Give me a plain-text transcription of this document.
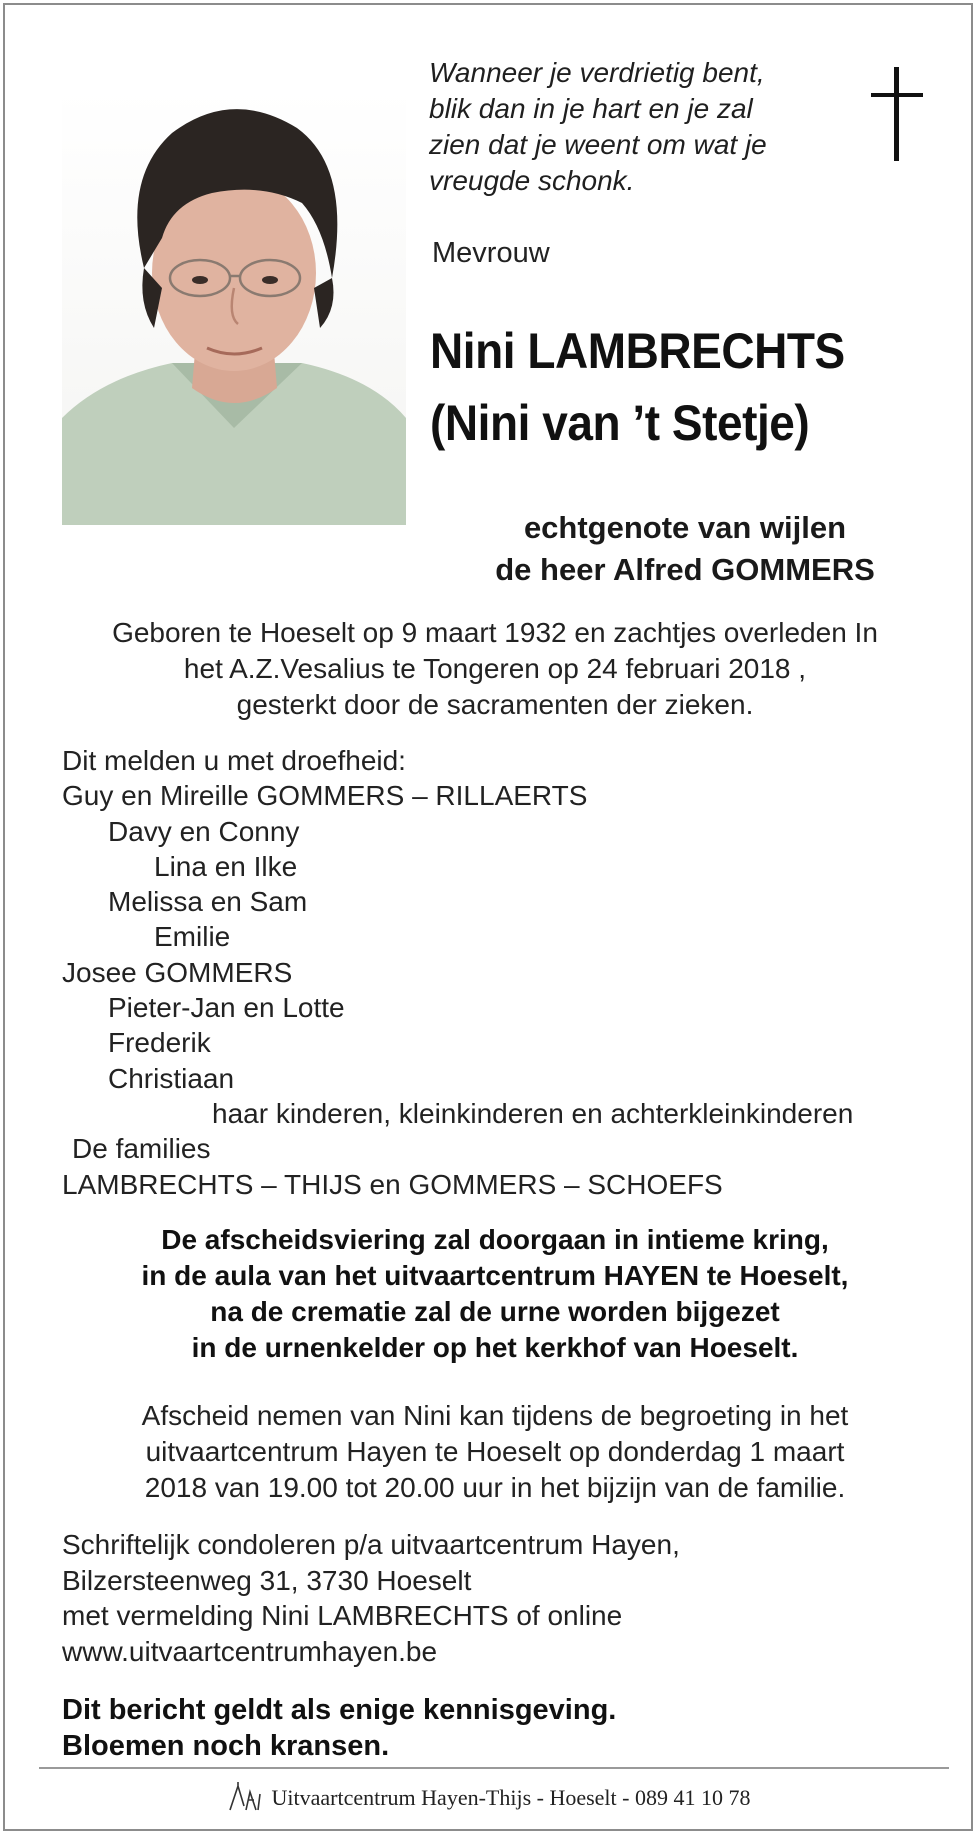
Wanneer je verdrietig bent,
blik dan in je hart en je zal
zien dat je weent om wat je
vreugde schonk.
Mevrouw
Nini LAMBRECHTS
(Nini van ’t Stetje)
echtgenote van wijlen
de heer Alfred GOMMERS
Geboren te Hoeselt op 9 maart 1932 en zachtjes overleden In
het A.Z.Vesalius te Tongeren op 24 februari 2018 ,
gesterkt door de sacramenten der zieken.
Dit melden u met droefheid:
Guy en Mireille GOMMERS – RILLAERTS
Davy en Conny
Lina en Ilke
Melissa en Sam
Emilie
Josee GOMMERS
Pieter-Jan en Lotte
Frederik
Christiaan
haar kinderen, kleinkinderen en achterkleinkinderen
De families
LAMBRECHTS – THIJS en GOMMERS – SCHOEFS
De afscheidsviering zal doorgaan in intieme kring,
in de aula van het uitvaartcentrum HAYEN te Hoeselt,
na de crematie zal de urne worden bijgezet
in de urnenkelder op het kerkhof van Hoeselt.
Afscheid nemen van Nini kan tijdens de begroeting in het
uitvaartcentrum Hayen te Hoeselt op donderdag 1 maart
2018 van 19.00 tot 20.00 uur in het bijzijn van de familie.
Schriftelijk condoleren p/a uitvaartcentrum Hayen,
Bilzersteenweg 31, 3730 Hoeselt
met vermelding Nini LAMBRECHTS of online
www.uitvaartcentrumhayen.be
Dit bericht geldt als enige kennisgeving.
Bloemen noch kransen.
Uitvaartcentrum Hayen-Thijs - Hoeselt - 089 41 10 78
